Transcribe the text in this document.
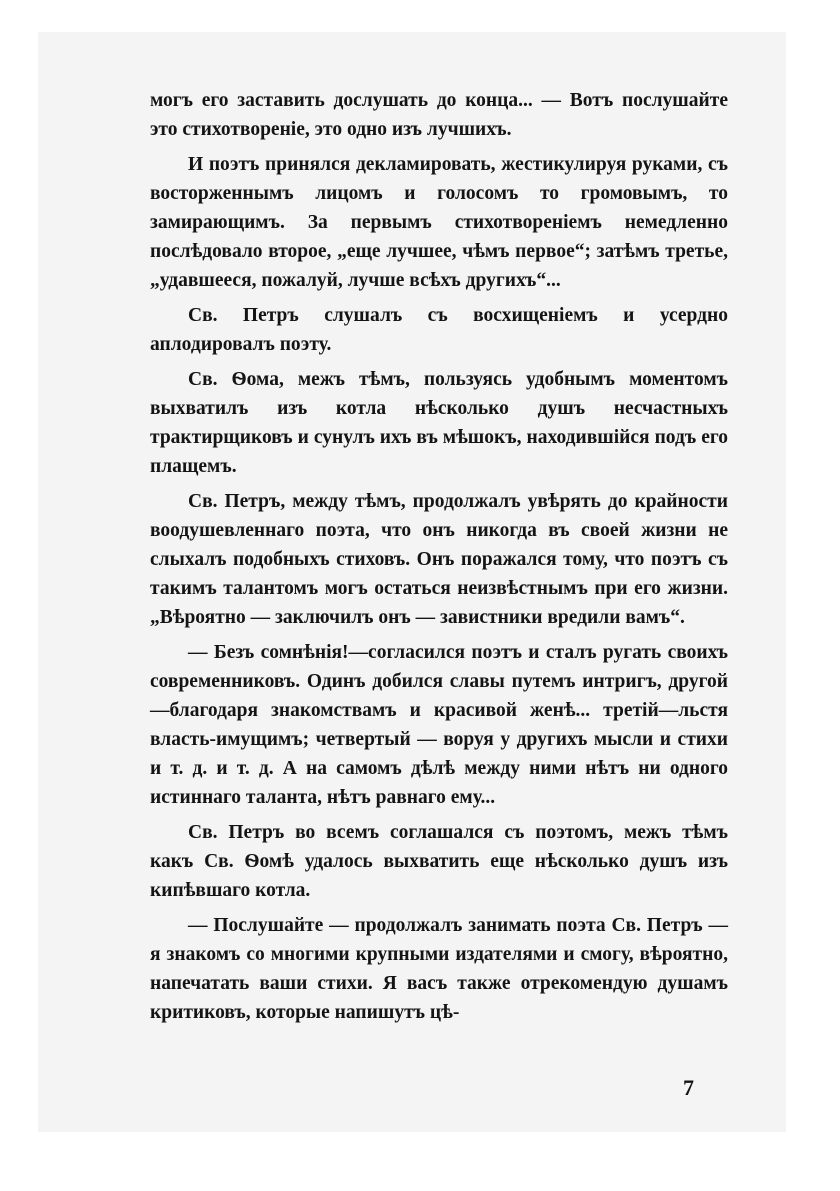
могъ его заставить дослушать до конца... — Вотъ послушайте это стихотвореніе, это одно изъ лучшихъ.

И поэтъ принялся декламировать, жестикулируя руками, съ восторженнымъ лицомъ и голосомъ то громовымъ, то замирающимъ. За первымъ стихотвореніемъ немедленно послѣдовало второе, „еще лучшее, чѣмъ первое“; затѣмъ третье, „удавшееся, пожалуй, лучше всѣхъ другихъ“...

Св. Петръ слушалъ съ восхищеніемъ и усердно аплодировалъ поэту.

Св. Ѳома, межъ тѣмъ, пользуясь удобнымъ моментомъ выхватилъ изъ котла нѣсколько душъ несчастныхъ трактирщиковъ и сунулъ ихъ въ мѣшокъ, находившійся подъ его плащемъ.

Св. Петръ, между тѣмъ, продолжалъ увѣрять до крайности воодушевленнаго поэта, что онъ никогда въ своей жизни не слыхалъ подобныхъ стиховъ. Онъ поражался тому, что поэтъ съ такимъ талантомъ могъ остаться неизвѣстнымъ при его жизни. „Вѣроятно — заключилъ онъ — завистники вредили вамъ“.

— Безъ сомнѣнія!—согласился поэтъ и сталъ ругать своихъ современниковъ. Одинъ добился славы путемъ интригъ, другой—благодаря знакомствамъ и красивой женѣ... третій—льстя власть-имущимъ; четвертый — воруя у другихъ мысли и стихи и т. д. и т. д. А на самомъ дѣлѣ между ними нѣтъ ни одного истиннаго таланта, нѣтъ равнаго ему...

Св. Петръ во всемъ соглашался съ поэтомъ, межъ тѣмъ какъ Св. Ѳомѣ удалось выхватить еще нѣсколько душъ изъ кипѣвшаго котла.

— Послушайте — продолжалъ занимать поэта Св. Петръ — я знакомъ со многими крупными издателями и смогу, вѣроятно, напечатать ваши стихи. Я васъ также отрекомендую душамъ критиковъ, которые напишутъ цѣ-

7
